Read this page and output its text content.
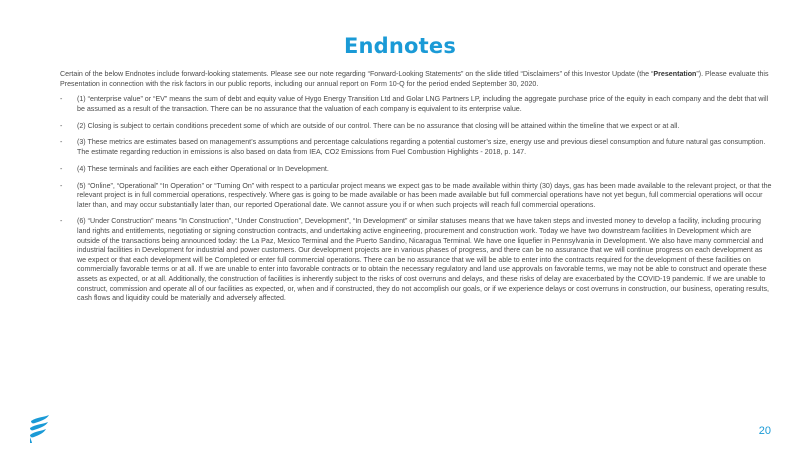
Endnotes

Certain of the below Endnotes include forward-looking statements. Please see our note regarding “Forward-Looking Statements” on the slide titled “Disclaimers” of this Investor Update (the “Presentation”). Please evaluate this Presentation in connection with the risk factors in our public reports, including our annual report on Form 10-Q for the period ended September 30, 2020.

-	(1) “enterprise value” or “EV” means the sum of debt and equity value of Hygo Energy Transition Ltd and Golar LNG Partners LP, including the aggregate purchase price of the equity in each company and the debt that will be assumed as a result of the transaction. There can be no assurance that the valuation of each company is equivalent to its enterprise value.
-	(2) Closing is subject to certain conditions precedent some of which are outside of our control. There can be no assurance that closing will be attained within the timeline that we expect or at all.
-	(3) These metrics are estimates based on management’s assumptions and percentage calculations regarding a potential customer’s size, energy use and previous diesel consumption and future natural gas consumption. The estimate regarding reduction in emissions is also based on data from IEA, CO2 Emissions from Fuel Combustion Highlights - 2018, p. 147.
-	(4) These terminals and facilities are each either Operational or In Development.
-	(5) “Online”, “Operational” “In Operation” or “Turning On” with respect to a particular project means we expect gas to be made available within thirty (30) days, gas has been made available to the relevant project, or that the relevant project is in full commercial operations, respectively. Where gas is going to be made available or has been made available but full commercial operations have not yet begun, full commercial operations will occur later than, and may occur substantially later than, our reported Operational date. We cannot assure you if or when such projects will reach full commercial operations.
-	(6) “Under Construction” means “In Construction”, “Under Construction”, Development”, “In Development” or similar statuses means that we have taken steps and invested money to develop a facility, including procuring land rights and entitlements, negotiating or signing construction contracts, and undertaking active engineering, procurement and construction work. Today we have two downstream facilities In Development which are outside of the transactions being announced today: the La Paz, Mexico Terminal and the Puerto Sandino, Nicaragua Terminal. We have one liquefier in Pennsylvania in Development. We also have many commercial and industrial facilities in Development for industrial and power customers. Our development projects are in various phases of progress, and there can be no assurance that we will continue progress on each development as we expect or that each development will be Completed or enter full commercial operations. There can be no assurance that we will be able to enter into the contracts required for the development of these facilities on commercially favorable terms or at all. If we are unable to enter into favorable contracts or to obtain the necessary regulatory and land use approvals on favorable terms, we may not be able to construct and operate these assets as expected, or at all. Additionally, the construction of facilities is inherently subject to the risks of cost overruns and delays, and these risks of delay are exacerbated by the COVID-19 pandemic. If we are unable to construct, commission and operate all of our facilities as expected, or, when and if constructed, they do not accomplish our goals, or if we experience delays or cost overruns in construction, our business, operating results, cash flows and liquidity could be materially and adversely affected.
20
